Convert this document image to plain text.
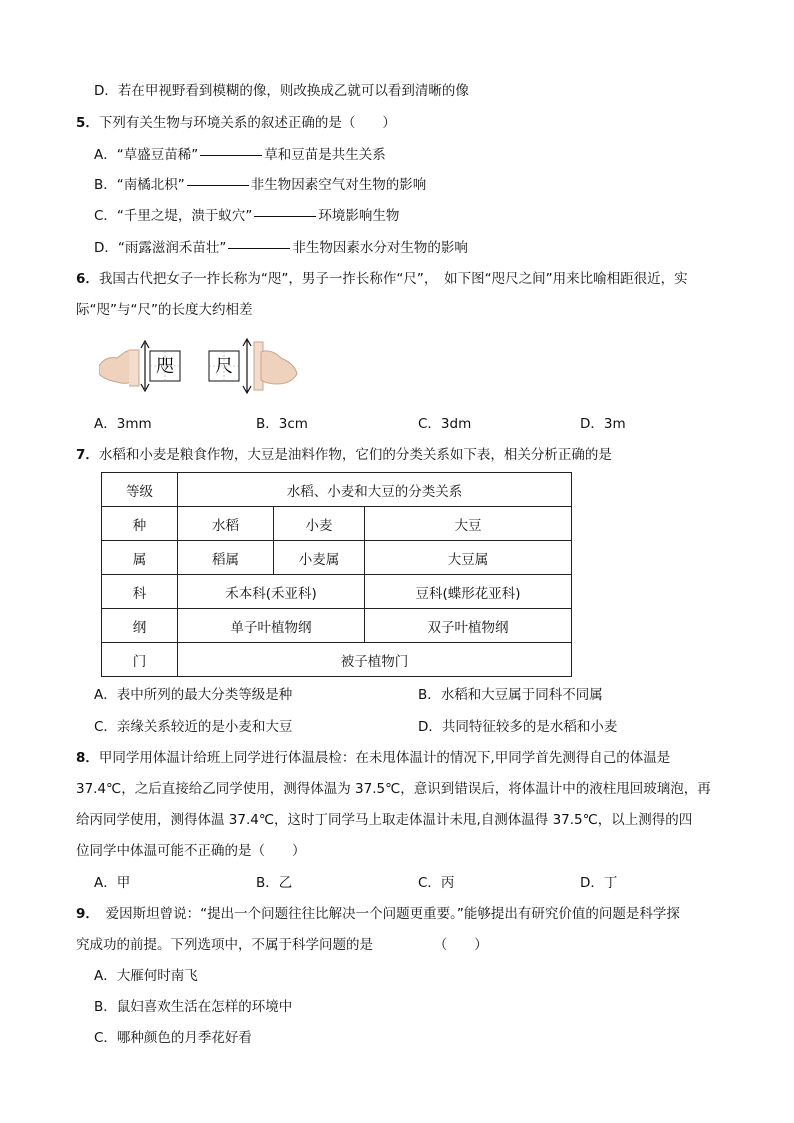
D．若在甲视野看到模糊的像，则改换成乙就可以看到清晰的像
5．下列有关生物与环境关系的叙述正确的是（　　）
A．“草盛豆苗稀”	草和豆苗是共生关系
B．“南橘北枳”	非生物因素空气对生物的影响
C．“千里之堤，溃于蚁穴”	环境影响生物
D．“雨露滋润禾苗壮”	非生物因素水分对生物的影响
6．我国古代把女子一拃长称为“咫”，男子一拃长称作“尺”，　如下图“咫尺之间”用来比喻相距很近，实
际“咫”与“尺”的长度大约相差
咫 尺
A．3mm	B．3cm	C．3dm	D．3m
7．水稻和小麦是粮食作物，大豆是油料作物，它们的分类关系如下表，相关分析正确的是
等级	水稻、小麦和大豆的分类关系		
种	水稻	小麦	大豆
属	稻属	小麦属	大豆属
科	禾本科(禾亚科)		豆科(蝶形花亚科)
纲	单子叶植物纲		双子叶植物纲
门	被子植物门		
A．表中所列的最大分类等级是种	B．水稻和大豆属于同科不同属
C．亲缘关系较近的是小麦和大豆	D．共同特征较多的是水稻和小麦
8．甲同学用体温计给班上同学进行体温晨检：在未甩体温计的情况下,甲同学首先测得自己的体温是
37.4℃，之后直接给乙同学使用，测得体温为 37.5℃，意识到错误后，将体温计中的液柱甩回玻璃泡，再
给丙同学使用，测得体温 37.4℃，这时丁同学马上取走体温计未甩,自测体温得 37.5℃，以上测得的四
位同学中体温可能不正确的是（　　）
A．甲	B．乙	C．丙	D．丁
9．　爱因斯坦曾说：“提出一个问题往往比解决一个问题更重要。”能够提出有研究价值的问题是科学探
究成功的前提。下列选项中，不属于科学问题的是　　　　　（　　）
A．大雁何时南飞
B．鼠妇喜欢生活在怎样的环境中
C．哪种颜色的月季花好看
